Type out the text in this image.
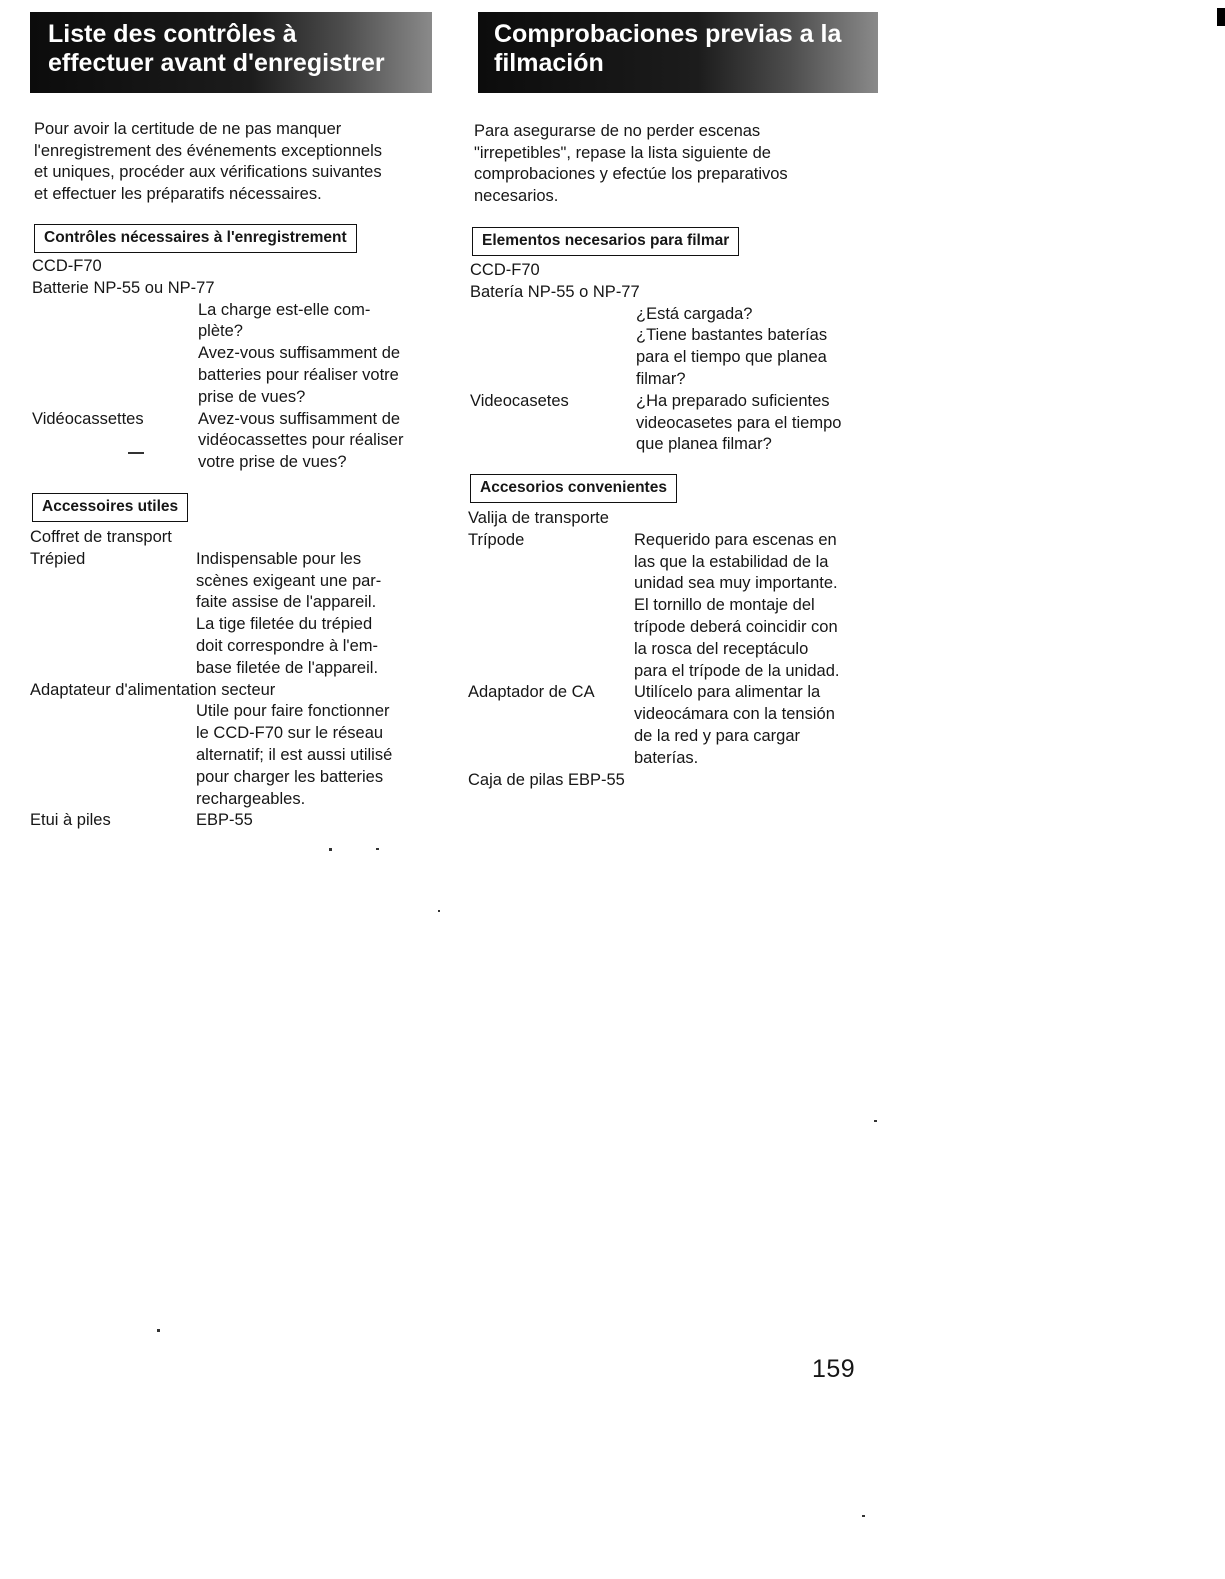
Liste des contrôles à
effectuer avant d'enregistrer

Pour avoir la certitude de ne pas manquer
l'enregistrement des événements exceptionnels
et uniques, procéder aux vérifications suivantes
et effectuer les préparatifs nécessaires.

Contrôles nécessaires à l'enregistrement
CCD-F70
Batterie NP-55 ou NP-77
La charge est-elle com-
plète?
Avez-vous suffisamment de
batteries pour réaliser votre
prise de vues?
Vidéocassettes	Avez-vous suffisamment de
vidéocassettes pour réaliser
votre prise de vues?
Accessoires utiles
Coffret de transport
Trépied	Indispensable pour les
scènes exigeant une par-
faite assise de l'appareil.
La tige filetée du trépied
doit correspondre à l'em-
base filetée de l'appareil.
Adaptateur d'alimentation secteur
Utile pour faire fonctionner
le CCD-F70 sur le réseau
alternatif; il est aussi utilisé
pour charger les batteries
rechargeables.
Etui à piles	EBP-55
Comprobaciones previas a la
filmación

Para asegurarse de no perder escenas
"irrepetibles", repase la lista siguiente de
comprobaciones y efectúe los preparativos
necesarios.

Elementos necesarios para filmar
CCD-F70
Batería NP-55 o NP-77
¿Está cargada?
¿Tiene bastantes baterías
para el tiempo que planea
filmar?
Videocasetes	¿Ha preparado suficientes
videocasetes para el tiempo
que planea filmar?
Accesorios convenientes
Valija de transporte
Trípode	Requerido para escenas en
las que la estabilidad de la
unidad sea muy importante.
El tornillo de montaje del
trípode deberá coincidir con
la rosca del receptáculo
para el trípode de la unidad.
Adaptador de CA	Utilícelo para alimentar la
videocámara con la tensión
de la red y para cargar
baterías.
Caja de pilas EBP-55
159
